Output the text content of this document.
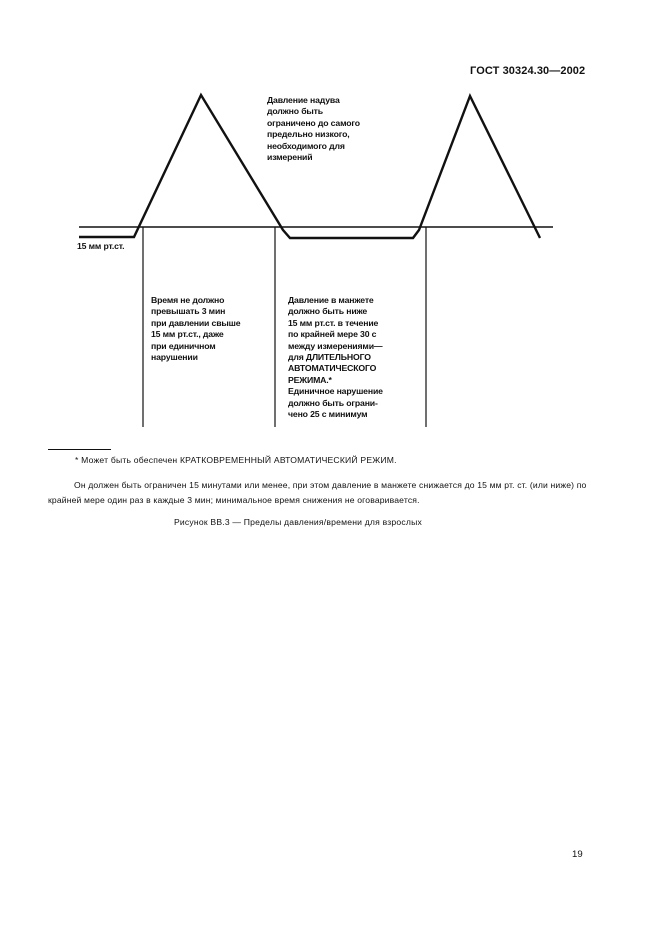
ГОСТ 30324.30—2002
Давление надува
должно быть
ограничено до самого
предельно низкого,
необходимого для
измерений
15 мм рт.ст.
Время не должно
превышать 3 мин
при давлении свыше
15 мм рт.ст., даже
при единичном
нарушении
Давление в манжете
должно быть ниже
15 мм рт.ст. в течение
по крайней мере 30 с
между измерениями—
для ДЛИТЕЛЬНОГО
АВТОМАТИЧЕСКОГО
РЕЖИМА.*
Единичное нарушение
должно быть ограни-
чено 25 с минимум
* Может быть обеспечен КРАТКОВРЕМЕННЫЙ АВТОМАТИЧЕСКИЙ РЕЖИМ.
Он должен быть ограничен 15 минутами или менее, при этом давление в манжете снижается до 15 мм рт. ст. (или ниже) по крайней мере один раз в каждые 3 мин; минимальное время снижения не оговаривается.
Рисунок ВВ.3 — Пределы давления/времени для взрослых
19
